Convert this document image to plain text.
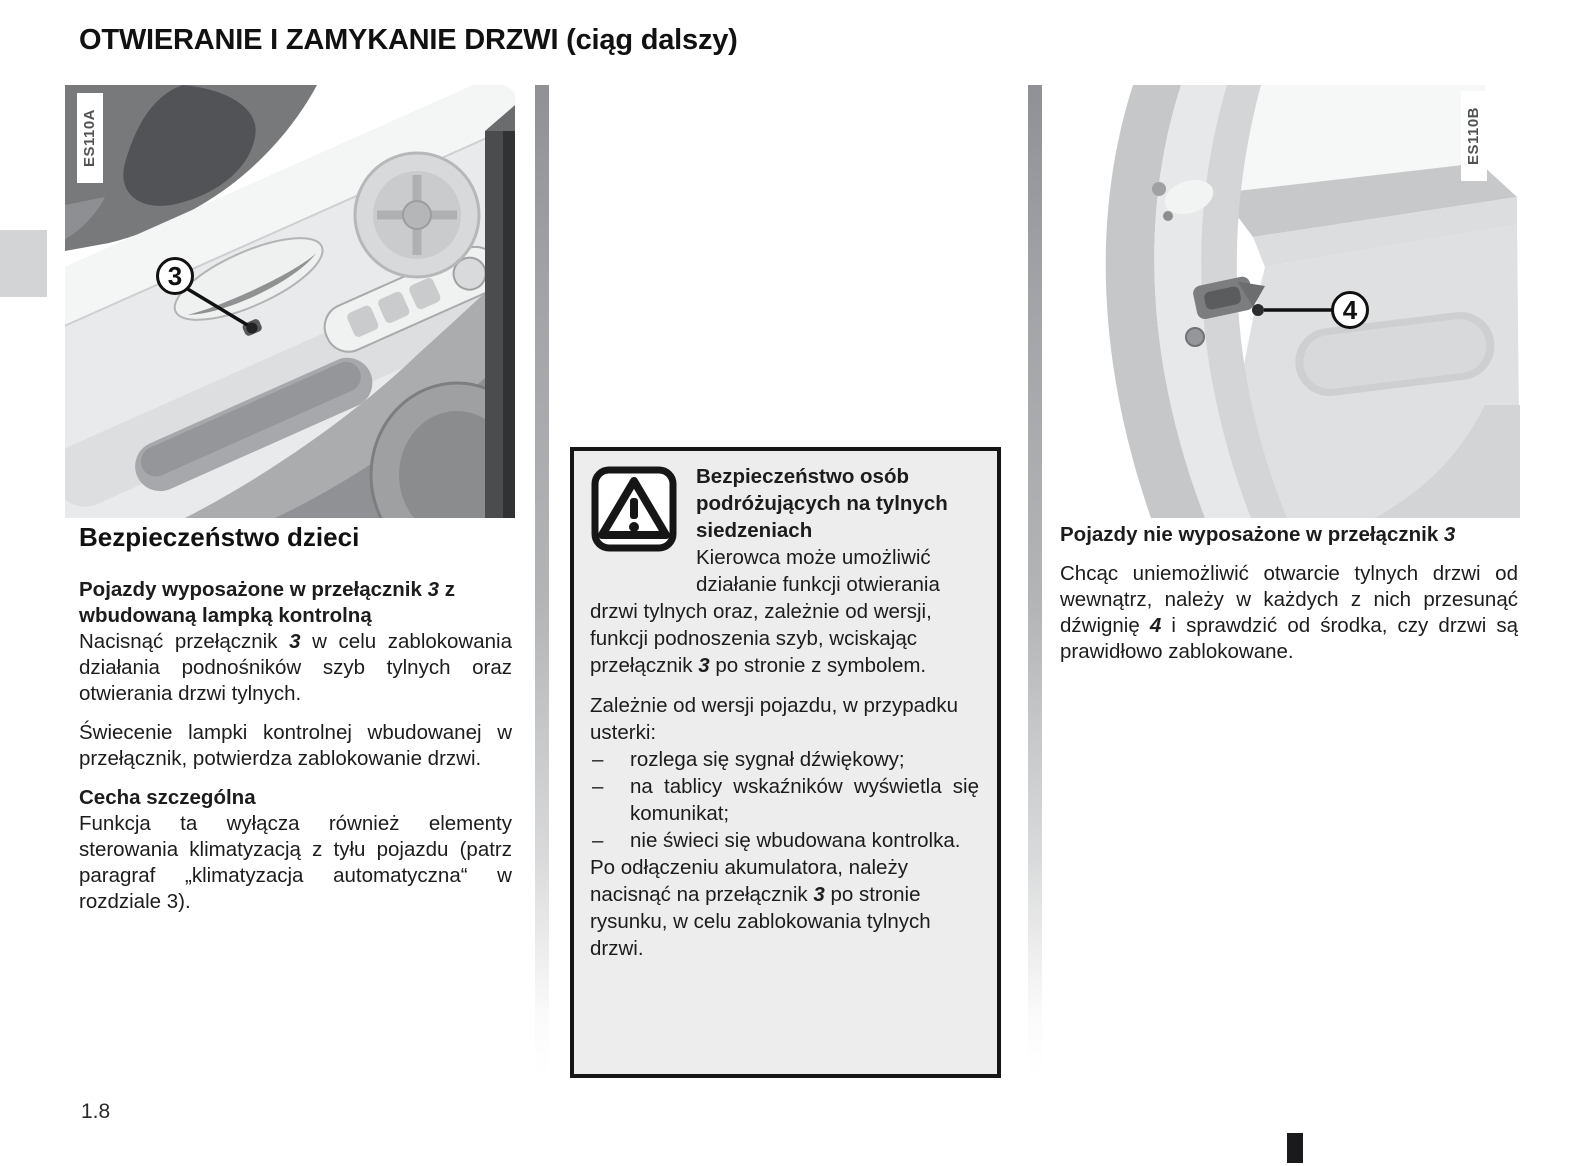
OTWIERANIE I ZAMYKANIE DRZWI (ciąg dalszy)
3
ES110A
Bezpieczeństwo osób podróżujących na tylnych siedzeniach

Kierowca może umożliwić działanie funkcji otwierania drzwi tylnych oraz, zależnie od wersji, funkcji podnoszenia szyb, wciskając przełącznik 3 po stronie z symbolem.

Zależnie od wersji pojazdu, w przypadku usterki:

– rozlega się sygnał dźwiękowy;
– na tablicy wskaźników wyświetla się komunikat;
– nie świeci się wbudowana kontrolka.

Po odłączeniu akumulatora, należy nacisnąć na przełącznik 3 po stronie rysunku, w celu zablokowania tylnych drzwi.

4
ES110B
Bezpieczeństwo dzieci
Pojazdy wyposażone w przełącznik 3 z wbudowaną lampką kontrolną

Nacisnąć przełącznik 3 w celu zablokowania działania podnośników szyb tylnych oraz otwierania drzwi tylnych.

Świecenie lampki kontrolnej wbudowanej w przełącznik, potwierdza zablokowanie drzwi.

Cecha szczególna

Funkcja ta wyłącza również elementy sterowania klimatyzacją z tyłu pojazdu (patrz paragraf „klimatyzacja automatyczna“ w rozdziale 3).

Pojazdy nie wyposażone w przełącznik 3

Chcąc uniemożliwić otwarcie tylnych drzwi od wewnątrz, należy w każdych z nich przesunąć dźwignię 4 i sprawdzić od środka, czy drzwi są prawidłowo zablokowane.

1.8
